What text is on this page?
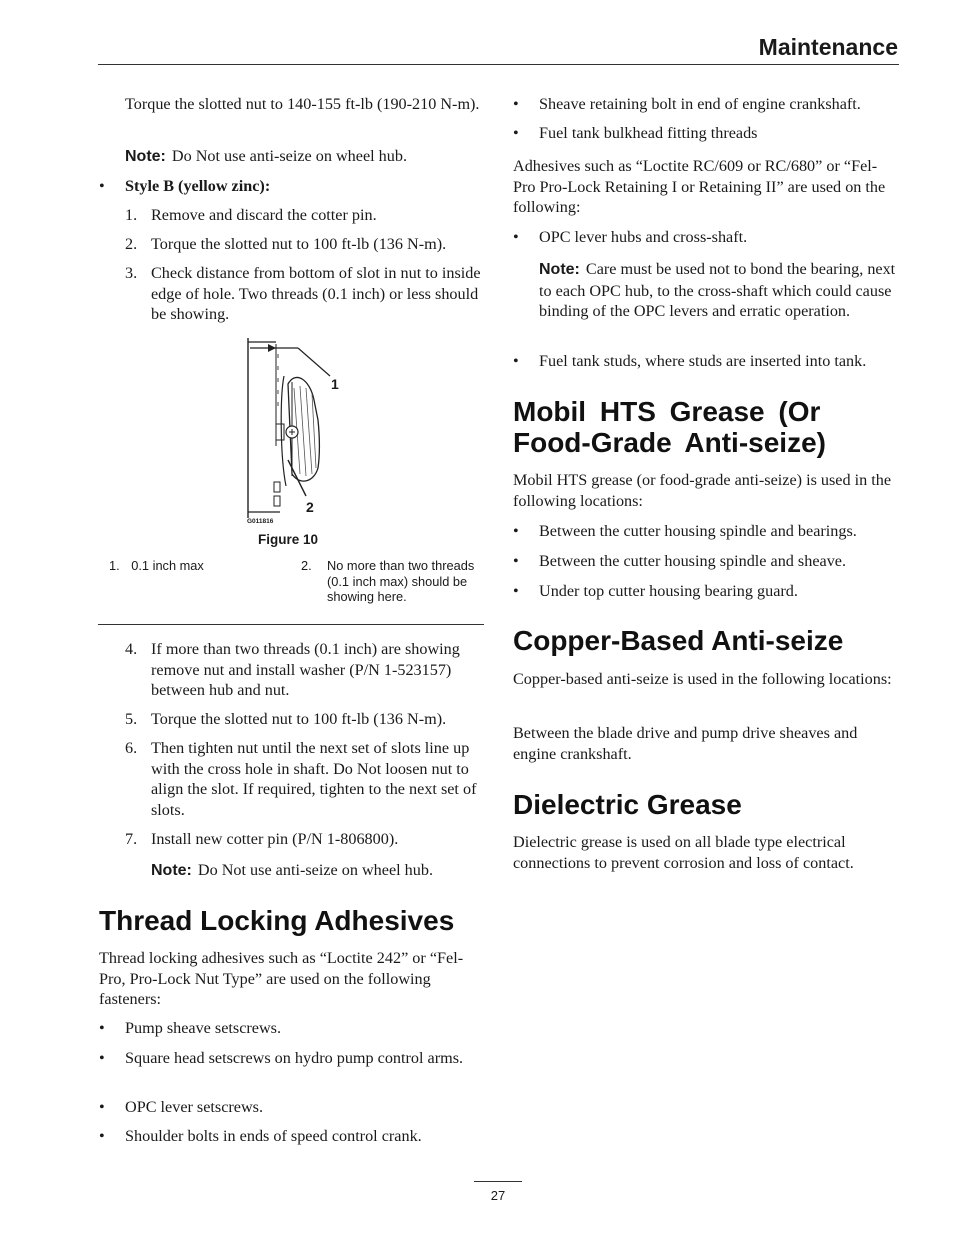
Maintenance

Torque the slotted nut to 140-155 ft-lb (190-210 N-m).

Note: Do Not use anti-seize on wheel hub.

• Style B (yellow zinc):
1. Remove and discard the cotter pin.
2. Torque the slotted nut to 100 ft-lb (136 N-m).
3. Check distance from bottom of slot in nut to inside edge of hole. Two threads (0.1 inch) or less should be showing.
1
2
G011816
Figure 10
1. 0.1 inch max	2. No more than two threads (0.1 inch max) should be showing here.
4. If more than two threads (0.1 inch) are showing remove nut and install washer (P/N 1-523157) between hub and nut.
5. Torque the slotted nut to 100 ft-lb (136 N-m).
6. Then tighten nut until the next set of slots line up with the cross hole in shaft. Do Not loosen nut to align the slot. If required, tighten to the next set of slots.
7. Install new cotter pin (P/N 1-806800).

Note: Do Not use anti-seize on wheel hub.

Thread Locking Adhesives

Thread locking adhesives such as “Loctite 242” or “Fel-Pro, Pro-Lock Nut Type” are used on the following fasteners:

• Pump sheave setscrews.
• Square head setscrews on hydro pump control arms.
• OPC lever setscrews.
• Shoulder bolts in ends of speed control crank.
• Sheave retaining bolt in end of engine crankshaft.
• Fuel tank bulkhead fitting threads

Adhesives such as “Loctite RC/609 or RC/680” or “Fel-Pro Pro-Lock Retaining I or Retaining II” are used on the following:

• OPC lever hubs and cross-shaft.

Note: Care must be used not to bond the bearing, next to each OPC hub, to the cross-shaft which could cause binding of the OPC levers and erratic operation.

• Fuel tank studs, where studs are inserted into tank.
Mobil HTS Grease (Or Food-Grade Anti-seize)

Mobil HTS grease (or food-grade anti-seize) is used in the following locations:

• Between the cutter housing spindle and bearings.
• Between the cutter housing spindle and sheave.
• Under top cutter housing bearing guard.
Copper-Based Anti-seize

Copper-based anti-seize is used in the following locations:

Between the blade drive and pump drive sheaves and engine crankshaft.

Dielectric Grease

Dielectric grease is used on all blade type electrical connections to prevent corrosion and loss of contact.

27
